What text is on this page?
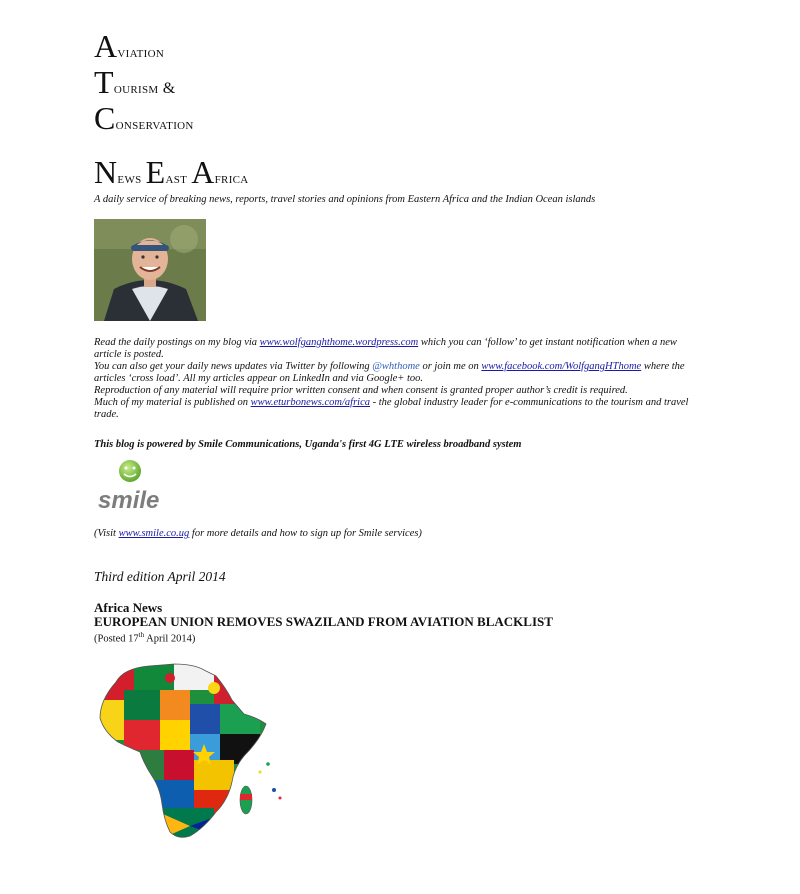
Aviation
Tourism &
Conservation
News East Africa
A daily service of breaking news, reports, travel stories and opinions from Eastern Africa and the Indian Ocean islands
Read the daily postings on my blog via www.wolfganghthome.wordpress.com which you can ‘follow’ to get instant notification when a new article is posted.
You can also get your daily news updates via Twitter by following @whthome or join me on www.facebook.com/WolfgangHThome where the articles ‘cross load’. All my articles appear on LinkedIn and via Google+ too.
Reproduction of any material will require prior written consent and when consent is granted proper author’s credit is required.
Much of my material is published on www.eturbonews.com/africa - the global industry leader for e-communications to the tourism and travel trade.
This blog is powered by Smile Communications, Uganda's first 4G LTE wireless broadband system
smile
(Visit www.smile.co.ug for more details and how to sign up for Smile services)
Third edition April 2014
Africa News
EUROPEAN UNION REMOVES SWAZILAND FROM AVIATION BLACKLIST
(Posted 17th April 2014)
